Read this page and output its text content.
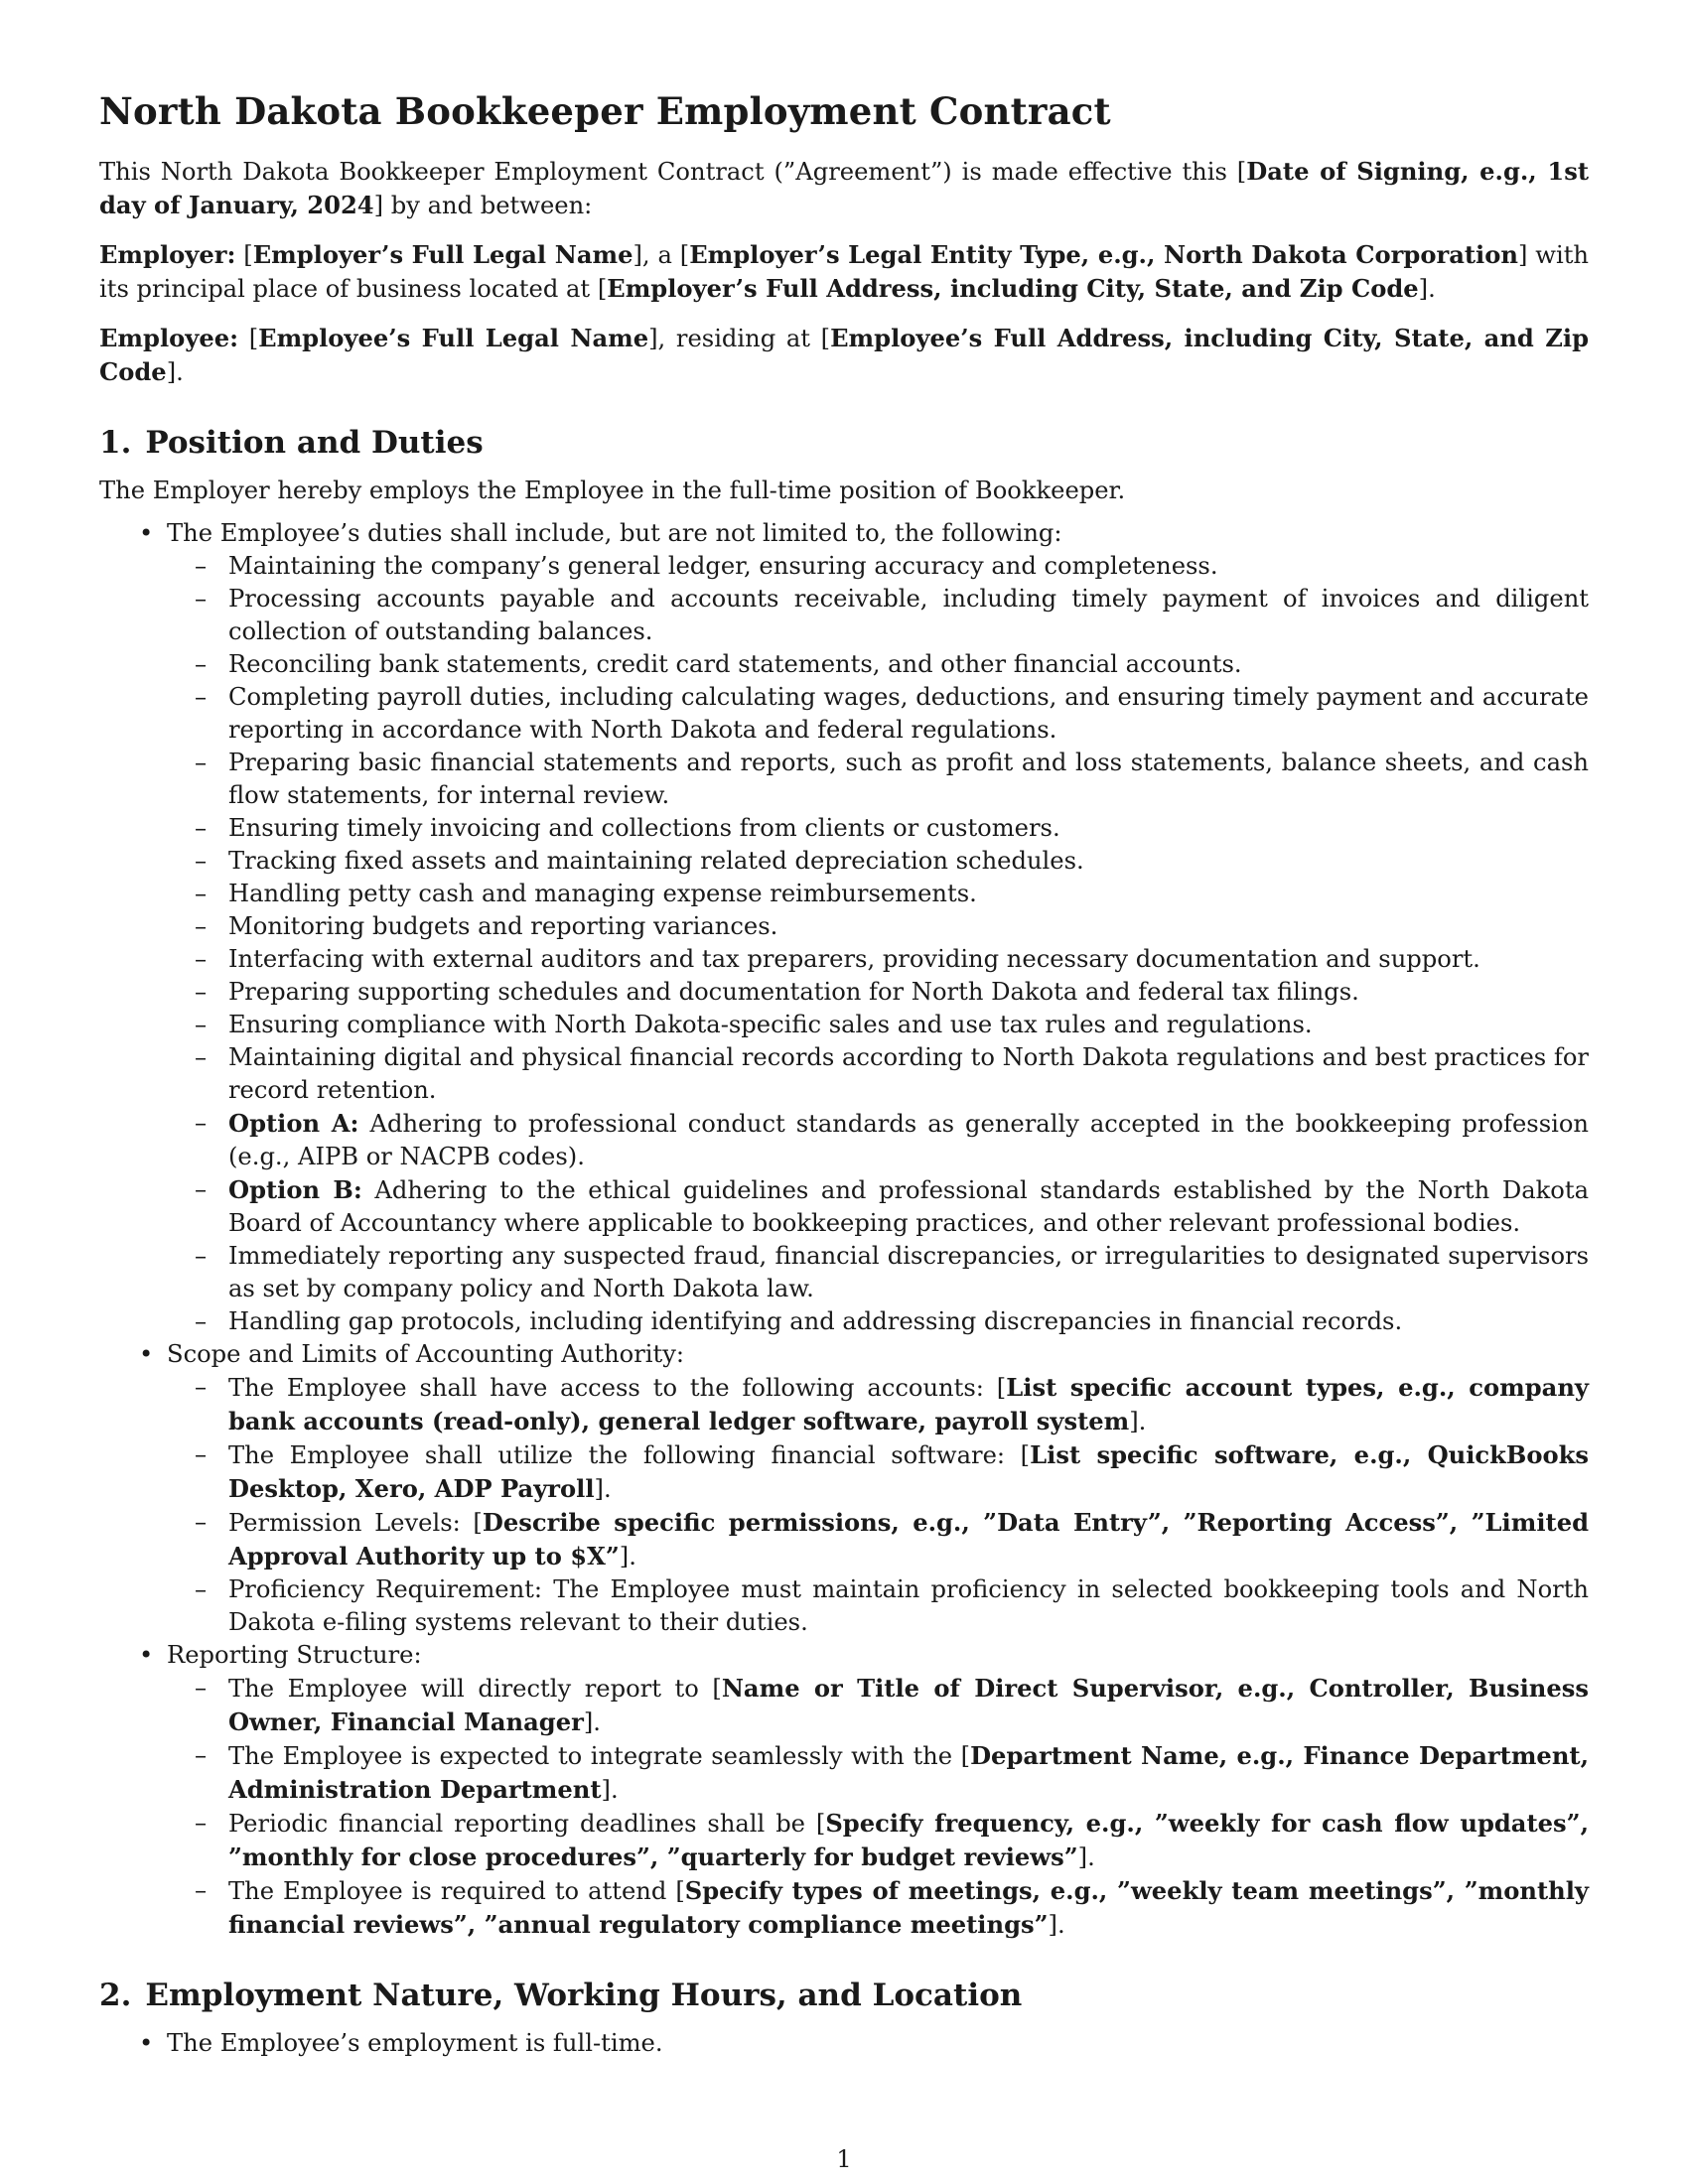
North Dakota Bookkeeper Employment Contract

This North Dakota Bookkeeper Employment Contract (”Agreement”) is made effective this [Date of Signing, e.g., 1st day of January, 2024] by and between:

Employer: [Employer’s Full Legal Name], a [Employer’s Legal Entity Type, e.g., North Dakota Corporation] with its principal place of business located at [Employer’s Full Address, including City, State, and Zip Code].

Employee: [Employee’s Full Legal Name], residing at [Employee’s Full Address, including City, State, and Zip Code].

1. Position and Duties

The Employer hereby employs the Employee in the full-time position of Bookkeeper.

• The Employee’s duties shall include, but are not limited to, the following:
– Maintaining the company’s general ledger, ensuring accuracy and completeness.
– Processing accounts payable and accounts receivable, including timely payment of invoices and diligent collection of outstanding balances.
– Reconciling bank statements, credit card statements, and other financial accounts.
– Completing payroll duties, including calculating wages, deductions, and ensuring timely payment and accurate reporting in accordance with North Dakota and federal regulations.
– Preparing basic financial statements and reports, such as profit and loss statements, balance sheets, and cash flow statements, for internal review.
– Ensuring timely invoicing and collections from clients or customers.
– Tracking fixed assets and maintaining related depreciation schedules.
– Handling petty cash and managing expense reimbursements.
– Monitoring budgets and reporting variances.
– Interfacing with external auditors and tax preparers, providing necessary documentation and support.
– Preparing supporting schedules and documentation for North Dakota and federal tax filings.
– Ensuring compliance with North Dakota-specific sales and use tax rules and regulations.
– Maintaining digital and physical financial records according to North Dakota regulations and best practices for record retention.
– Option A: Adhering to professional conduct standards as generally accepted in the bookkeeping profession (e.g., AIPB or NACPB codes).
– Option B: Adhering to the ethical guidelines and professional standards established by the North Dakota Board of Accountancy where applicable to bookkeeping practices, and other relevant professional bodies.
– Immediately reporting any suspected fraud, financial discrepancies, or irregularities to designated supervisors as set by company policy and North Dakota law.
– Handling gap protocols, including identifying and addressing discrepancies in financial records.
• Scope and Limits of Accounting Authority:
– The Employee shall have access to the following accounts: [List specific account types, e.g., company bank accounts (read-only), general ledger software, payroll system].
– The Employee shall utilize the following financial software: [List specific software, e.g., QuickBooks Desktop, Xero, ADP Payroll].
– Permission Levels: [Describe specific permissions, e.g., ”Data Entry”, ”Reporting Access”, ”Limited Approval Authority up to $X”].
– Proficiency Requirement: The Employee must maintain proficiency in selected bookkeeping tools and North Dakota e-filing systems relevant to their duties.
• Reporting Structure:
– The Employee will directly report to [Name or Title of Direct Supervisor, e.g., Controller, Business Owner, Financial Manager].
– The Employee is expected to integrate seamlessly with the [Department Name, e.g., Finance Department, Administration Department].
– Periodic financial reporting deadlines shall be [Specify frequency, e.g., ”weekly for cash flow updates”, ”monthly for close procedures”, ”quarterly for budget reviews”].
– The Employee is required to attend [Specify types of meetings, e.g., ”weekly team meetings”, ”monthly financial reviews”, ”annual regulatory compliance meetings”].
2. Employment Nature, Working Hours, and Location
• The Employee’s employment is full-time.
1
